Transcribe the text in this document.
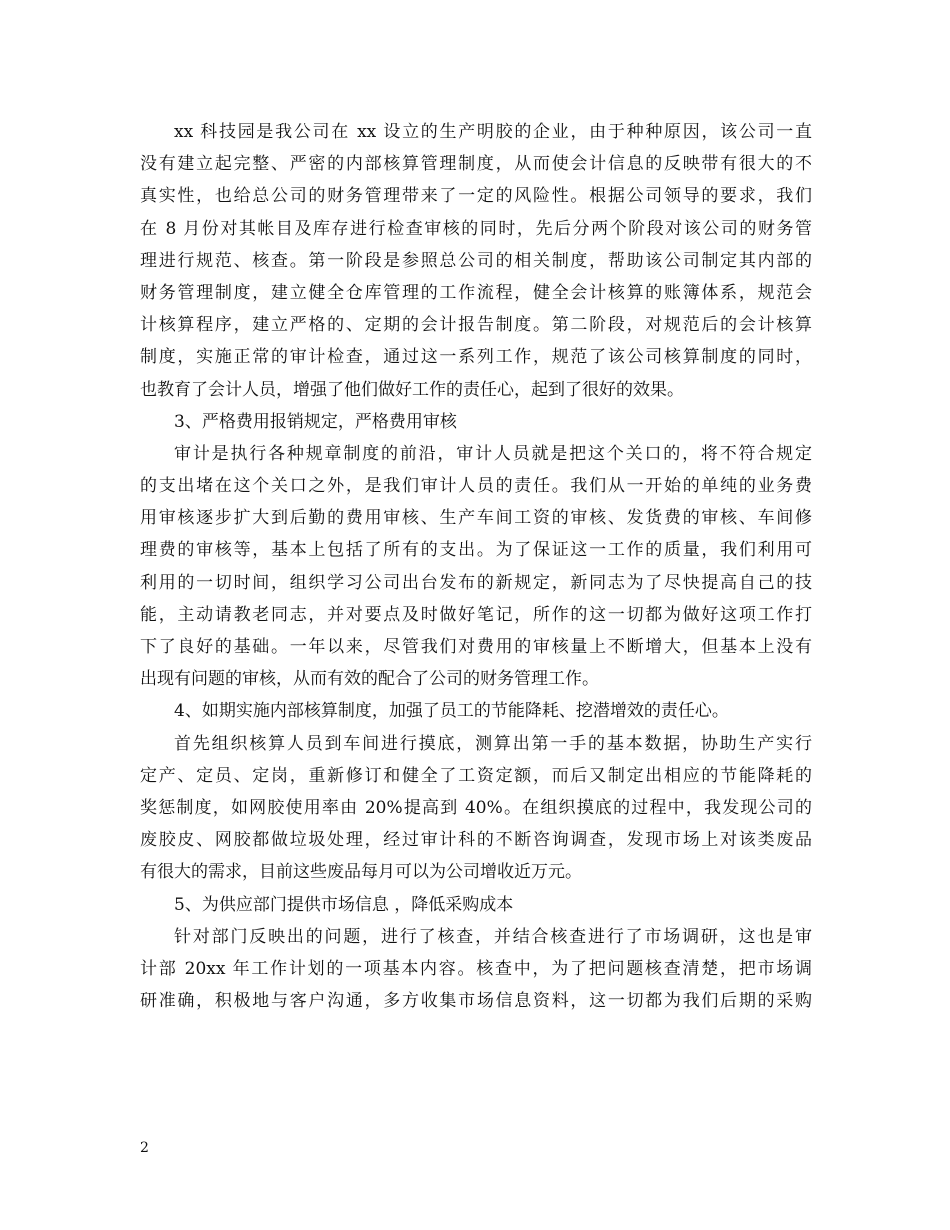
xx 科技园是我公司在 xx 设立的生产明胶的企业，由于种种原因，该公司一直
没有建立起完整、严密的内部核算管理制度，从而使会计信息的反映带有很大的不
真实性，也给总公司的财务管理带来了一定的风险性。根据公司领导的要求，我们
在 8 月份对其帐目及库存进行检查审核的同时，先后分两个阶段对该公司的财务管
理进行规范、核查。第一阶段是参照总公司的相关制度，帮助该公司制定其内部的
财务管理制度，建立健全仓库管理的工作流程，健全会计核算的账簿体系，规范会
计核算程序，建立严格的、定期的会计报告制度。第二阶段，对规范后的会计核算
制度，实施正常的审计检查，通过这一系列工作，规范了该公司核算制度的同时，
也教育了会计人员，增强了他们做好工作的责任心，起到了很好的效果。
3、严格费用报销规定，严格费用审核
审计是执行各种规章制度的前沿，审计人员就是把这个关口的，将不符合规定
的支出堵在这个关口之外，是我们审计人员的责任。我们从一开始的单纯的业务费
用审核逐步扩大到后勤的费用审核、生产车间工资的审核、发货费的审核、车间修
理费的审核等，基本上包括了所有的支出。为了保证这一工作的质量，我们利用可
利用的一切时间，组织学习公司出台发布的新规定，新同志为了尽快提高自己的技
能，主动请教老同志，并对要点及时做好笔记，所作的这一切都为做好这项工作打
下了良好的基础。一年以来，尽管我们对费用的审核量上不断增大，但基本上没有
出现有问题的审核，从而有效的配合了公司的财务管理工作。
4、如期实施内部核算制度，加强了员工的节能降耗、挖潜增效的责任心。
首先组织核算人员到车间进行摸底，测算出第一手的基本数据，协助生产实行
定产、定员、定岗，重新修订和健全了工资定额，而后又制定出相应的节能降耗的
奖惩制度，如网胶使用率由 20%提高到 40%。在组织摸底的过程中，我发现公司的
废胶皮、网胶都做垃圾处理，经过审计科的不断咨询调查，发现市场上对该类废品
有很大的需求，目前这些废品每月可以为公司增收近万元。
5、为供应部门提供市场信息 ，降低采购成本
针对部门反映出的问题，进行了核查，并结合核查进行了市场调研，这也是审
计部 20xx 年工作计划的一项基本内容。核查中，为了把问题核查清楚，把市场调
研准确，积极地与客户沟通，多方收集市场信息资料，这一切都为我们后期的采购
2
